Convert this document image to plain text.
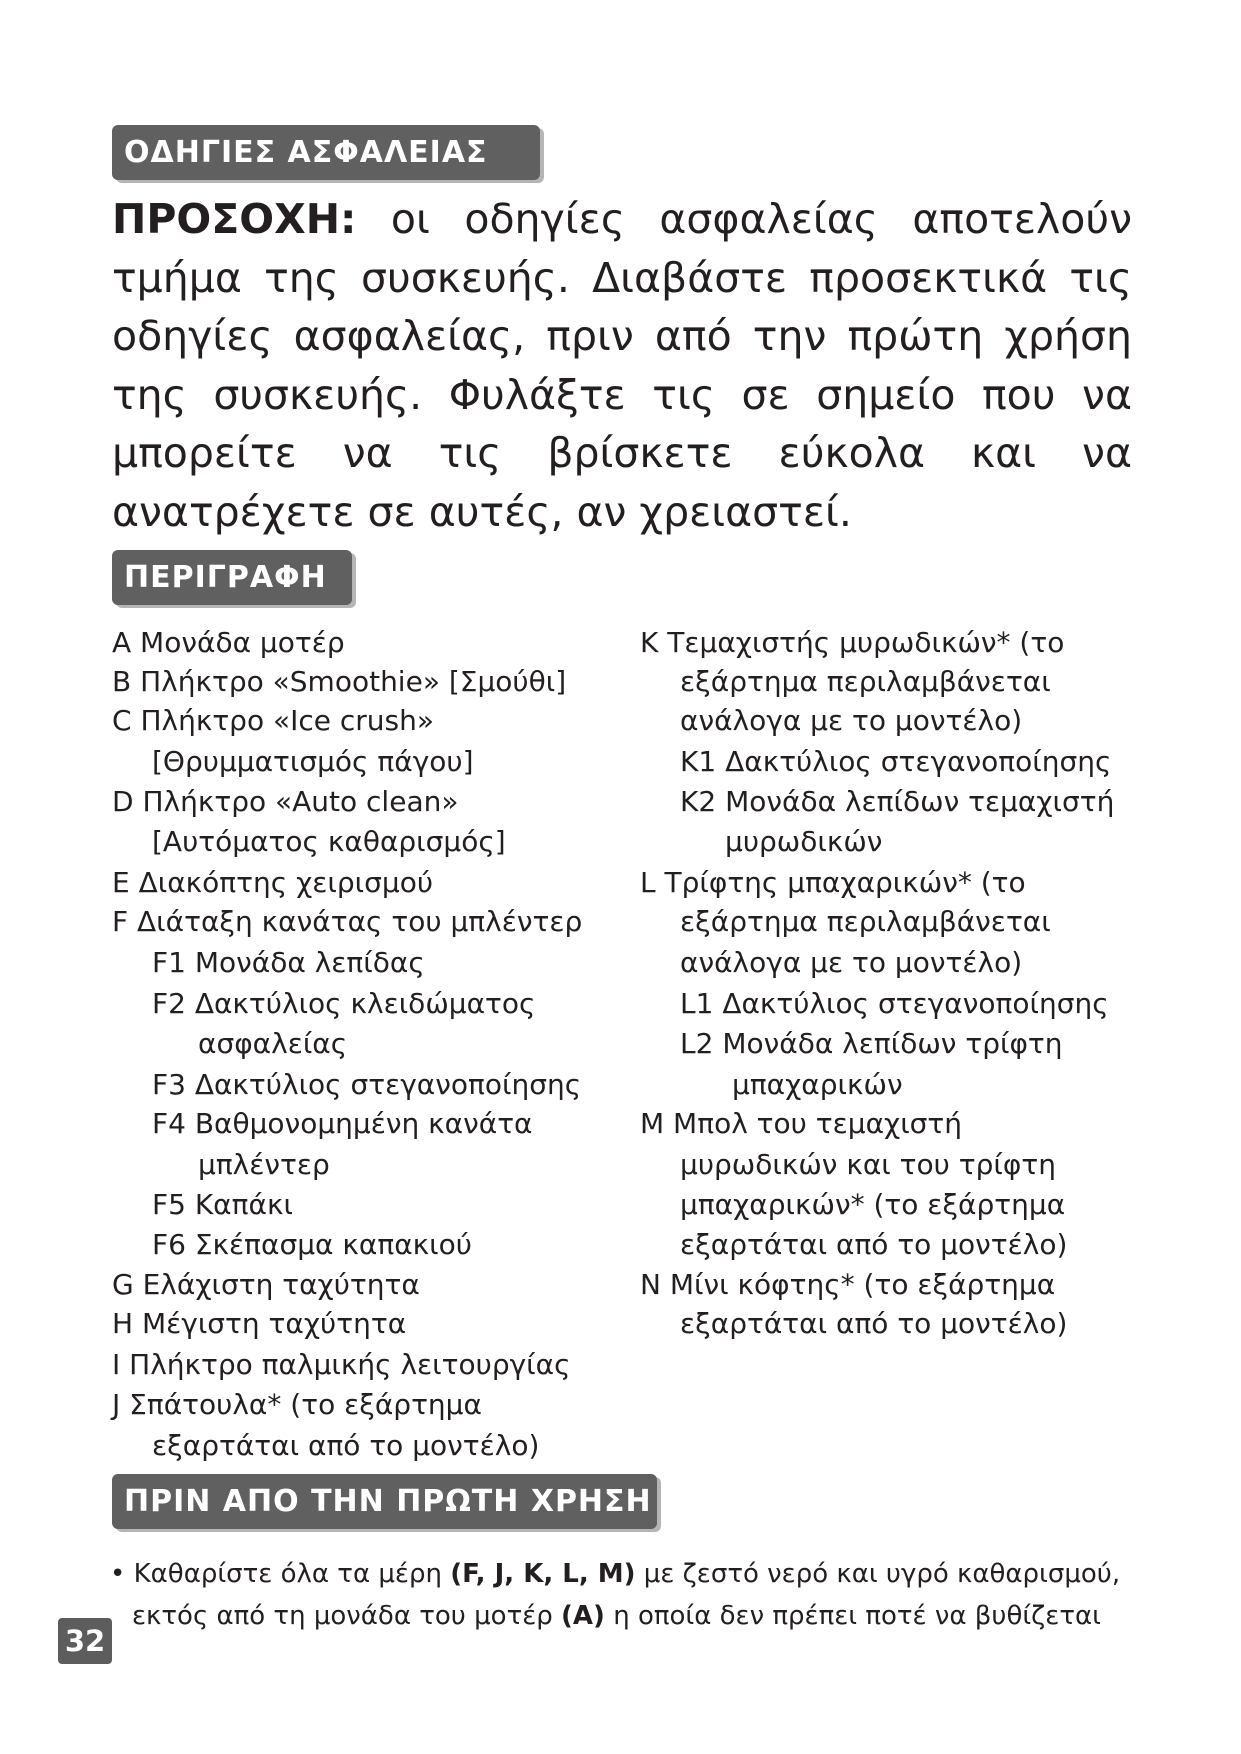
ΟΔΗΓΙΕΣ ΑΣΦΑΛΕΙΑΣ

ΠΡΟΣΟΧΗ: οι οδηγίες ασφαλείας αποτελούν τμήμα της συσκευής. Διαβάστε προσεκτικά τις οδηγίες ασφαλείας, πριν από την πρώτη χρήση της συσκευής. Φυλάξτε τις σε σημείο που να μπορείτε να τις βρίσκετε εύκολα και να ανατρέχετε σε αυτές, αν χρειαστεί.

ΠΕΡΙΓΡΑΦΗ
A Μονάδα μοτέρ
B Πλήκτρο «Smoothie» [Σμούθι]
C Πλήκτρο «Ice crush»
[Θρυμματισμός πάγου]
D Πλήκτρο «Auto clean»
[Αυτόματος καθαρισμός]
E Διακόπτης χειρισμού
F Διάταξη κανάτας του μπλέντερ
F1 Μονάδα λεπίδας
F2 Δακτύλιος κλειδώματος
ασφαλείας
F3 Δακτύλιος στεγανοποίησης
F4 Βαθμονομημένη κανάτα
μπλέντερ
F5 Καπάκι
F6 Σκέπασμα καπακιού
G Ελάχιστη ταχύτητα
H Μέγιστη ταχύτητα
I Πλήκτρο παλμικής λειτουργίας
J Σπάτουλα* (το εξάρτημα
εξαρτάται από το μοντέλο)
K Τεμαχιστής μυρωδικών* (το
εξάρτημα περιλαμβάνεται
ανάλογα με το μοντέλο)
K1 Δακτύλιος στεγανοποίησης
K2 Μονάδα λεπίδων τεμαχιστή
μυρωδικών
L Τρίφτης μπαχαρικών* (το
εξάρτημα περιλαμβάνεται
ανάλογα με το μοντέλο)
L1 Δακτύλιος στεγανοποίησης
L2 Μονάδα λεπίδων τρίφτη
μπαχαρικών
M Μπολ του τεμαχιστή
μυρωδικών και του τρίφτη
μπαχαρικών* (το εξάρτημα
εξαρτάται από το μοντέλο)
N Μίνι κόφτης* (το εξάρτημα
εξαρτάται από το μοντέλο)
ΠΡΙΝ ΑΠΟ ΤΗΝ ΠΡΩΤΗ ΧΡΗΣΗ
• Καθαρίστε όλα τα μέρη (F, J, K, L, M) με ζεστό νερό και υγρό καθαρισμού,
εκτός από τη μονάδα του μοτέρ (A) η οποία δεν πρέπει ποτέ να βυθίζεται
32
